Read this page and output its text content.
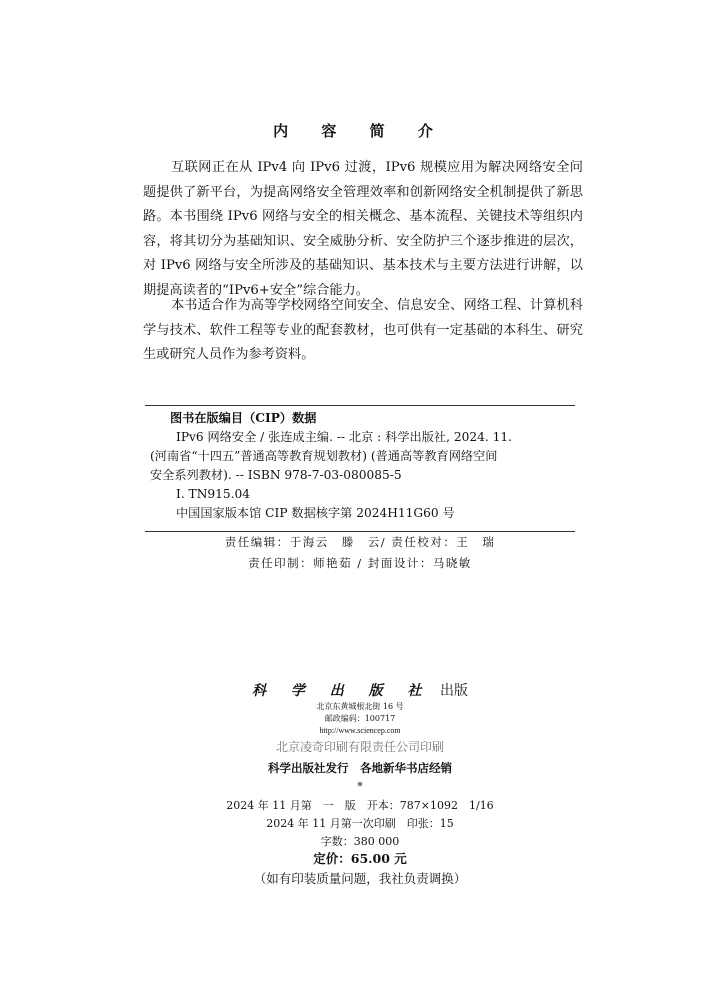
内 容 简 介

互联网正在从 IPv4 向 IPv6 过渡，IPv6 规模应用为解决网络安全问题提供了新平台，为提高网络安全管理效率和创新网络安全机制提供了新思路。本书围绕 IPv6 网络与安全的相关概念、基本流程、关键技术等组织内容，将其切分为基础知识、安全威胁分析、安全防护三个逐步推进的层次，对 IPv6 网络与安全所涉及的基础知识、基本技术与主要方法进行讲解，以期提高读者的“IPv6+安全”综合能力。

本书适合作为高等学校网络空间安全、信息安全、网络工程、计算机科学与技术、软件工程等专业的配套教材，也可供有一定基础的本科生、研究生或研究人员作为参考资料。

图书在版编目（CIP）数据

IPv6 网络安全 / 张连成主编. -- 北京 : 科学出版社, 2024. 11.

(河南省“十四五”普通高等教育规划教材) (普通高等教育网络空间

安全系列教材). -- ISBN 978-7-03-080085-5

Ⅰ. TN915.04

中国国家版本馆 CIP 数据核字第 2024H11G60 号

责任编辑：于海云　滕　云/ 责任校对：王　瑞
责任印制：师艳茹 / 封面设计：马晓敏
科 学 出 版 社 出版
北京东黄城根北街 16 号
邮政编码：100717
http://www.sciencep.com
北京凌奇印刷有限责任公司印刷
科学出版社发行　各地新华书店经销
*
2024 年 11 月第　一　版　开本：787×1092　1/16
2024 年 11 月第一次印刷　印张：15
字数：380 000
定价：65.00 元
（如有印装质量问题，我社负责调换）
